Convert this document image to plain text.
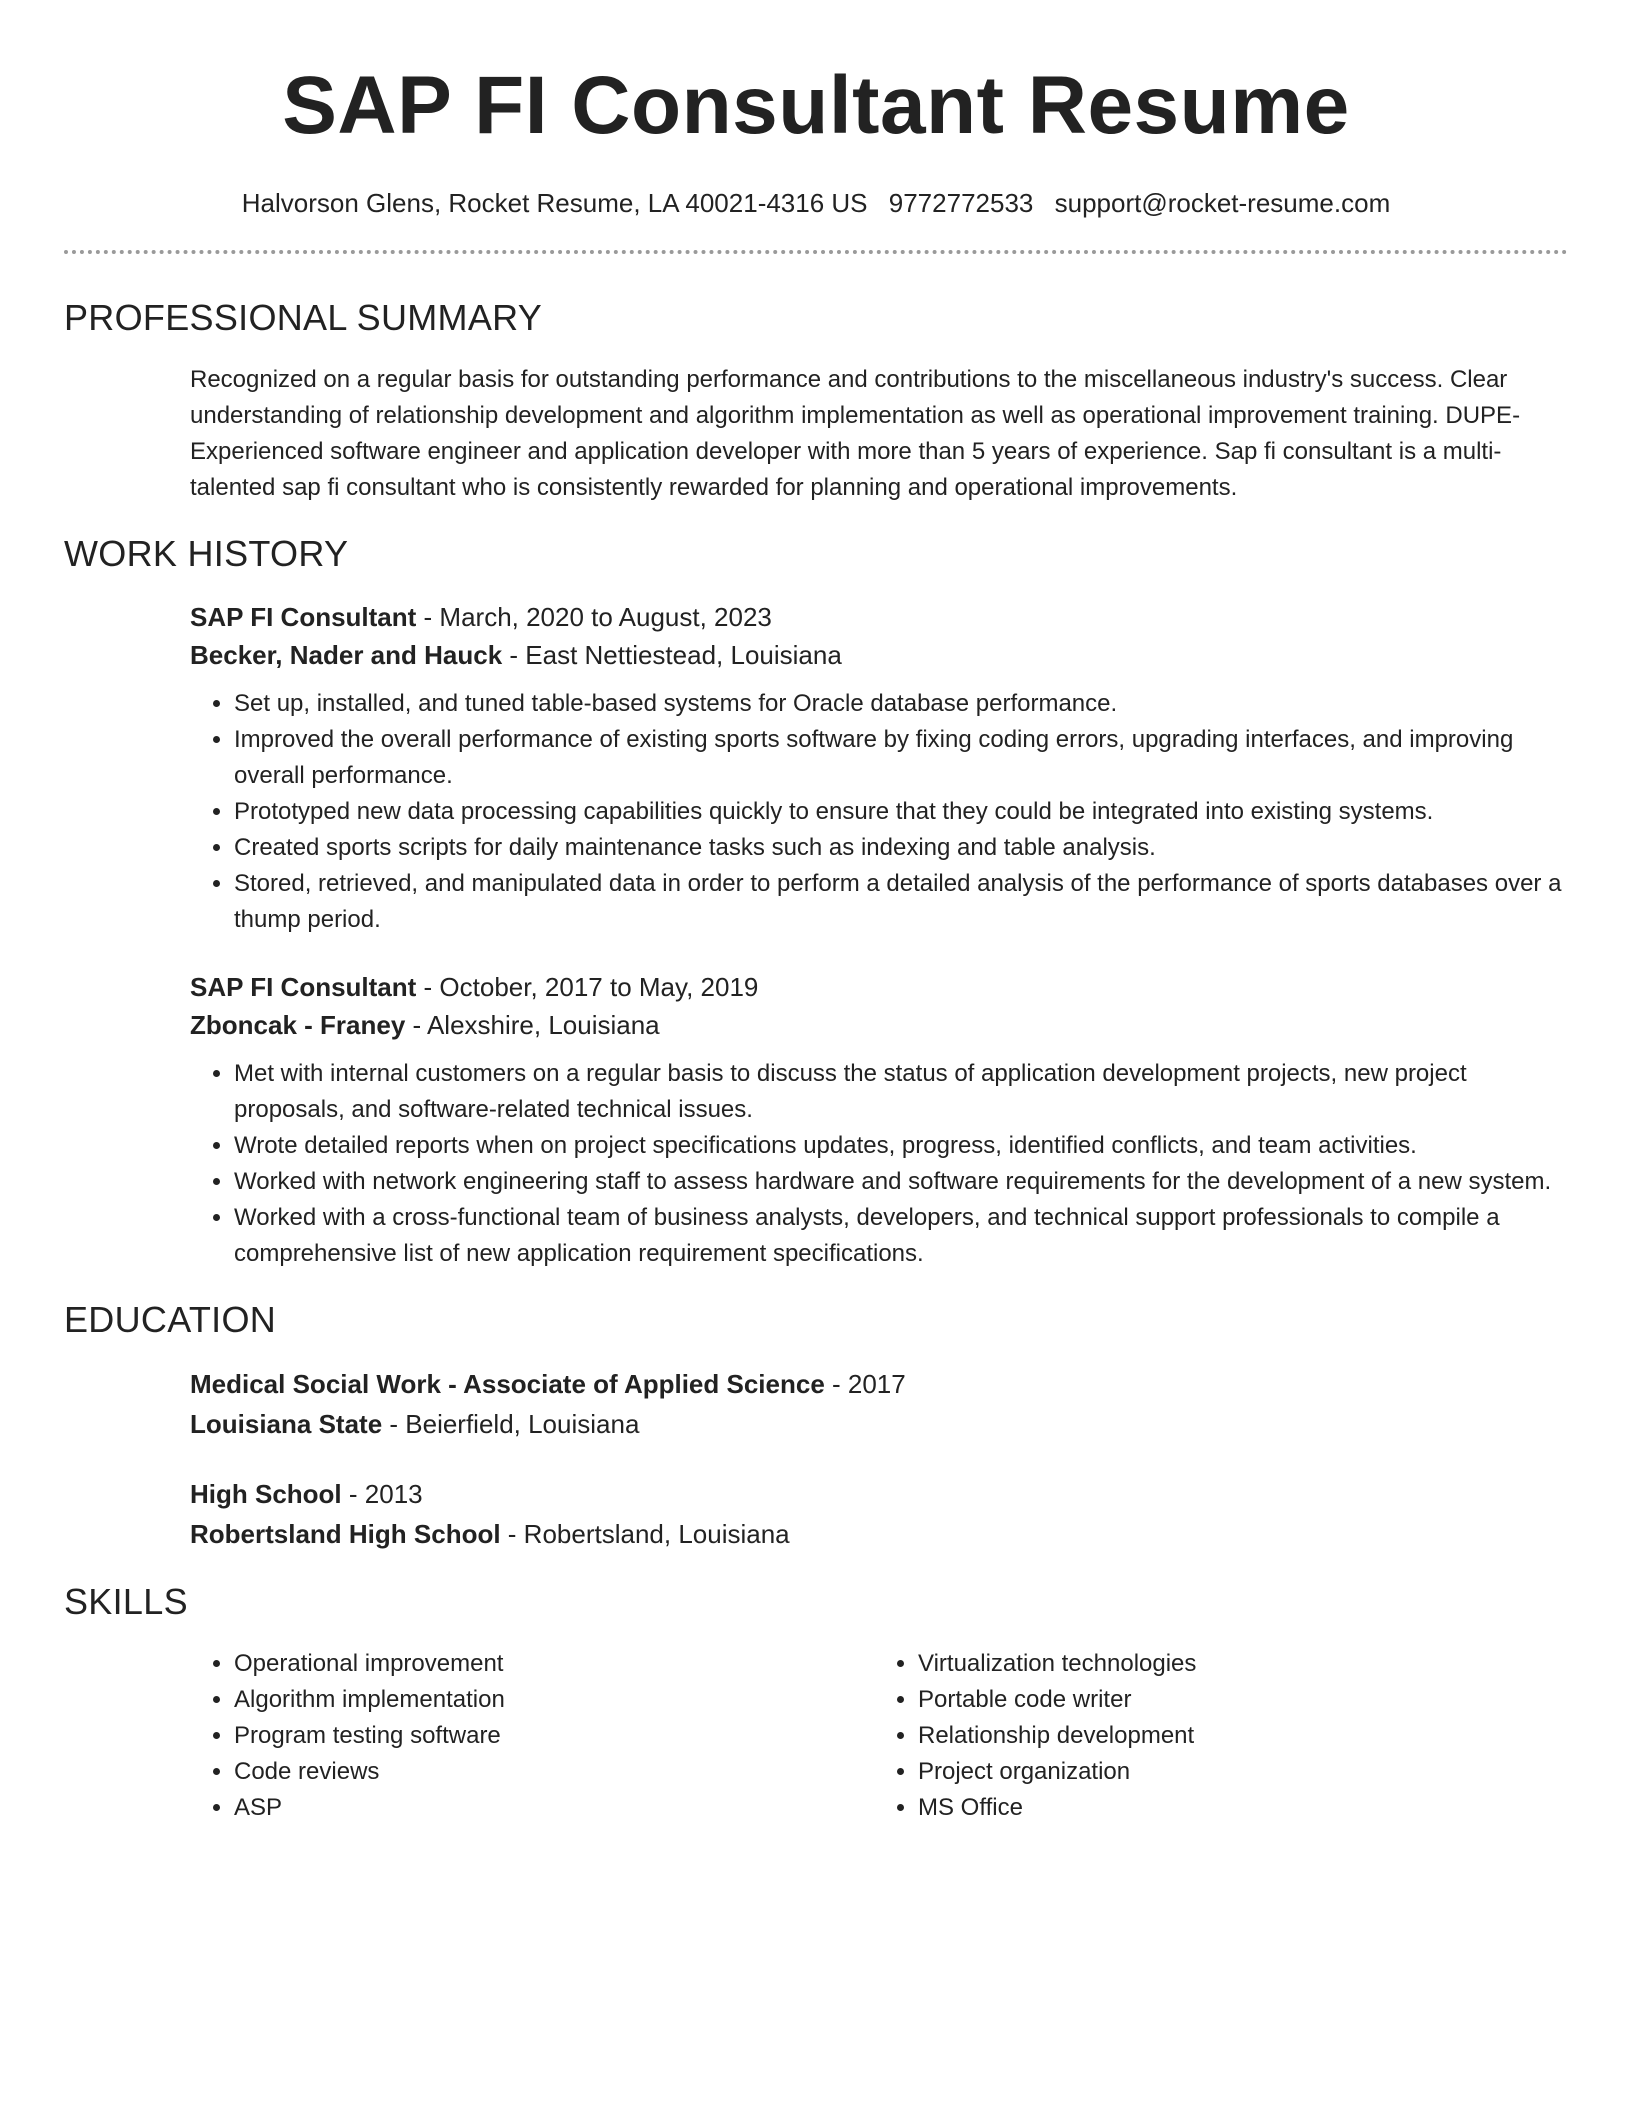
SAP FI Consultant Resume
Halvorson Glens, Rocket Resume, LA 40021-4316 US 9772772533 support@rocket-resume.com
PROFESSIONAL SUMMARY

Recognized on a regular basis for outstanding performance and contributions to the miscellaneous industry's success. Clear understanding of relationship development and algorithm implementation as well as operational improvement training. DUPE- Experienced software engineer and application developer with more than 5 years of experience. Sap fi consultant is a multi-talented sap fi consultant who is consistently rewarded for planning and operational improvements.

WORK HISTORY
SAP FI Consultant - March, 2020 to August, 2023
Becker, Nader and Hauck - East Nettiestead, Louisiana
• Set up, installed, and tuned table-based systems for Oracle database performance.
• Improved the overall performance of existing sports software by fixing coding errors, upgrading interfaces, and improving overall performance.
• Prototyped new data processing capabilities quickly to ensure that they could be integrated into existing systems.
• Created sports scripts for daily maintenance tasks such as indexing and table analysis.
• Stored, retrieved, and manipulated data in order to perform a detailed analysis of the performance of sports databases over a thump period.
SAP FI Consultant - October, 2017 to May, 2019
Zboncak - Franey - Alexshire, Louisiana
• Met with internal customers on a regular basis to discuss the status of application development projects, new project proposals, and software-related technical issues.
• Wrote detailed reports when on project specifications updates, progress, identified conflicts, and team activities.
• Worked with network engineering staff to assess hardware and software requirements for the development of a new system.
• Worked with a cross-functional team of business analysts, developers, and technical support professionals to compile a comprehensive list of new application requirement specifications.
EDUCATION
Medical Social Work - Associate of Applied Science - 2017
Louisiana State - Beierfield, Louisiana
High School - 2013
Robertsland High School - Robertsland, Louisiana
SKILLS
• Operational improvement
• Algorithm implementation
• Program testing software
• Code reviews
• ASP
• Virtualization technologies
• Portable code writer
• Relationship development
• Project organization
• MS Office
